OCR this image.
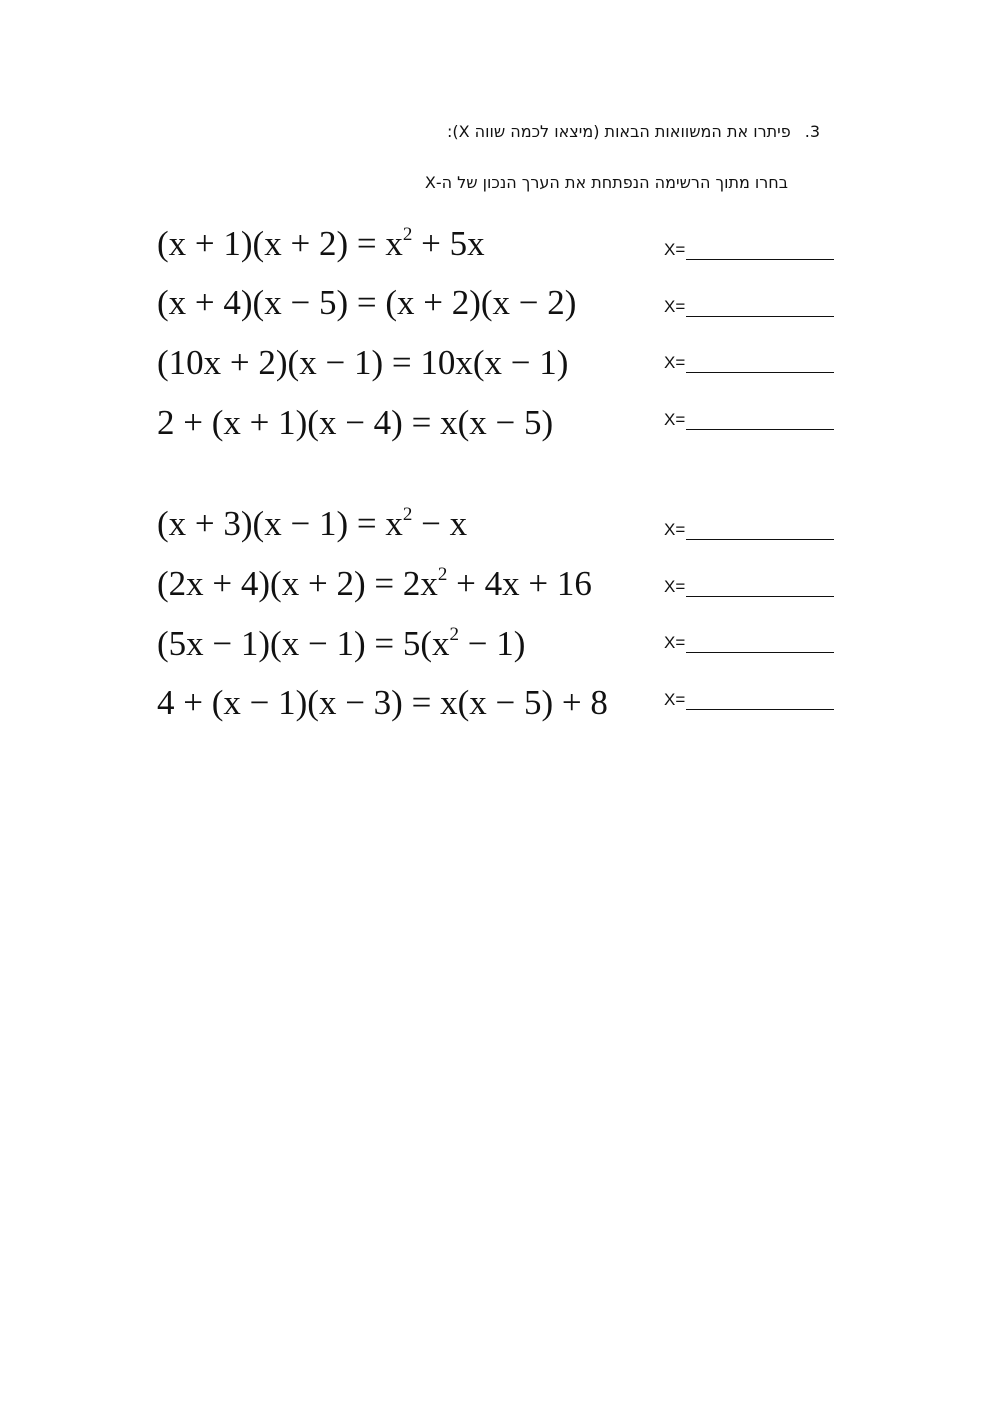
3.פיתרו את המשוואות הבאות (מיצאו לכמה שווה X):
בחרו מתוך הרשימה הנפתחת את הערך הנכון של ה-X
$(x + 1)(x + 2) = x^2 + 5x$	X=
(x + 4)(x − 5) = (x + 2)(x − 2)	X=
(10x + 2)(x − 1) = 10x(x − 1)	X=
2 + (x + 1)(x − 4) = x(x − 5)	X=
$(x + 3)(x - 1) = x^2 - x$	X=
$(2x + 4)(x + 2) = 2x^2 + 4x + 16$	X=
$(5x - 1)(x - 1) = 5(x^2 - 1)$	X=
4 + (x − 1)(x − 3) = x(x − 5) + 8	X=
